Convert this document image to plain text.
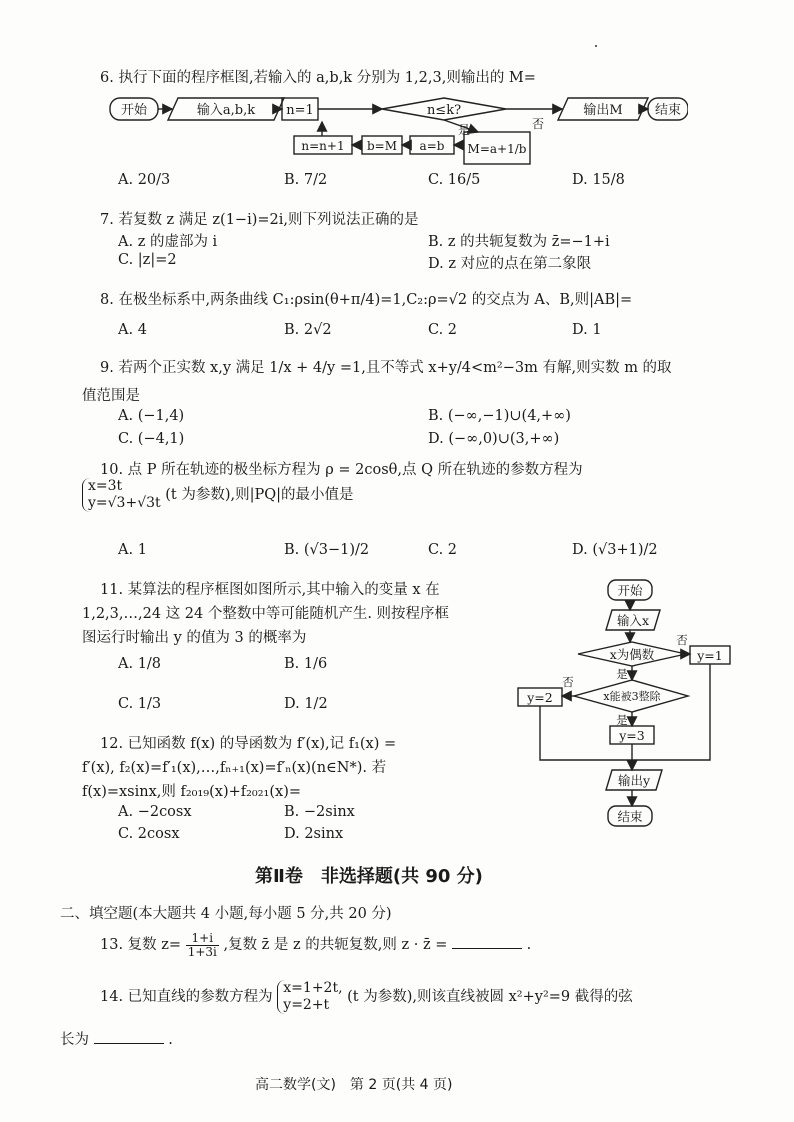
6. 执行下面的程序框图,若输入的 a,b,k 分别为 1,2,3,则输出的 M=
开始	输入a,b,k n=1	n≤k?
是	否
输出M 结束
M=a+1/b
a=b
b=M
n=n+1
A. 20/3	B. 7/2	C. 16/5	D. 15/8
7. 若复数 z 满足 z(1−i)=2i,则下列说法正确的是
A. z 的虚部为 i	B. z 的共轭复数为 z̄=−1+i
C. |z|=2	D. z 对应的点在第二象限
8. 在极坐标系中,两条曲线 C₁:ρsin(θ+π/4)=1,C₂:ρ=√2 的交点为 A、B,则|AB|=
A. 4	B. 2√2	C. 2	D. 1
9. 若两个正实数 x,y 满足 1/x + 4/y =1,且不等式 x+y/4<m²−3m 有解,则实数 m 的取
值范围是
A. (−1,4)	B. (−∞,−1)∪(4,+∞)
C. (−4,1)	D. (−∞,0)∪(3,+∞)
10. 点 P 所在轨迹的极坐标方程为 ρ = 2cosθ,点 Q 所在轨迹的参数方程为
x=3t
y=√3+√3t (t 为参数),则|PQ|的最小值是
A. 1	B. (√3−1)/2	C. 2	D. (√3+1)/2
11. 某算法的程序框图如图所示,其中输入的变量 x 在
1,2,3,…,24 这 24 个整数中等可能随机产生. 则按程序框
图运行时输出 y 的值为 3 的概率为
A. 1/8	B. 1/6
C. 1/3	D. 1/2
开始
输入x
x为偶数
否
y=1
是
x能被3整除
否
y=2
是
y=3
输出y
结束
12. 已知函数 f(x) 的导函数为 f′(x),记 f₁(x) =
f′(x), f₂(x)=f′₁(x),…,fₙ₊₁(x)=f′ₙ(x)(n∈N*). 若
f(x)=xsinx,则 f₂₀₁₉(x)+f₂₀₂₁(x)=
A. −2cosx	B. −2sinx
C. 2cosx	D. 2sinx
第Ⅱ卷　非选择题(共 90 分)
二、填空题(本大题共 4 小题,每小题 5 分,共 20 分)
13. 复数 $z= \frac{1+i}{1+3i}$ ,复数 z̄ 是 z 的共轭复数,则 z · z̄ =	.
14. 已知直线的参数方程为
x=1+2t,
y=2+t	(t 为参数),则该直线被圆 x²+y²=9 截得的弦
长为	.
高二数学(文)　第 2 页(共 4 页)
